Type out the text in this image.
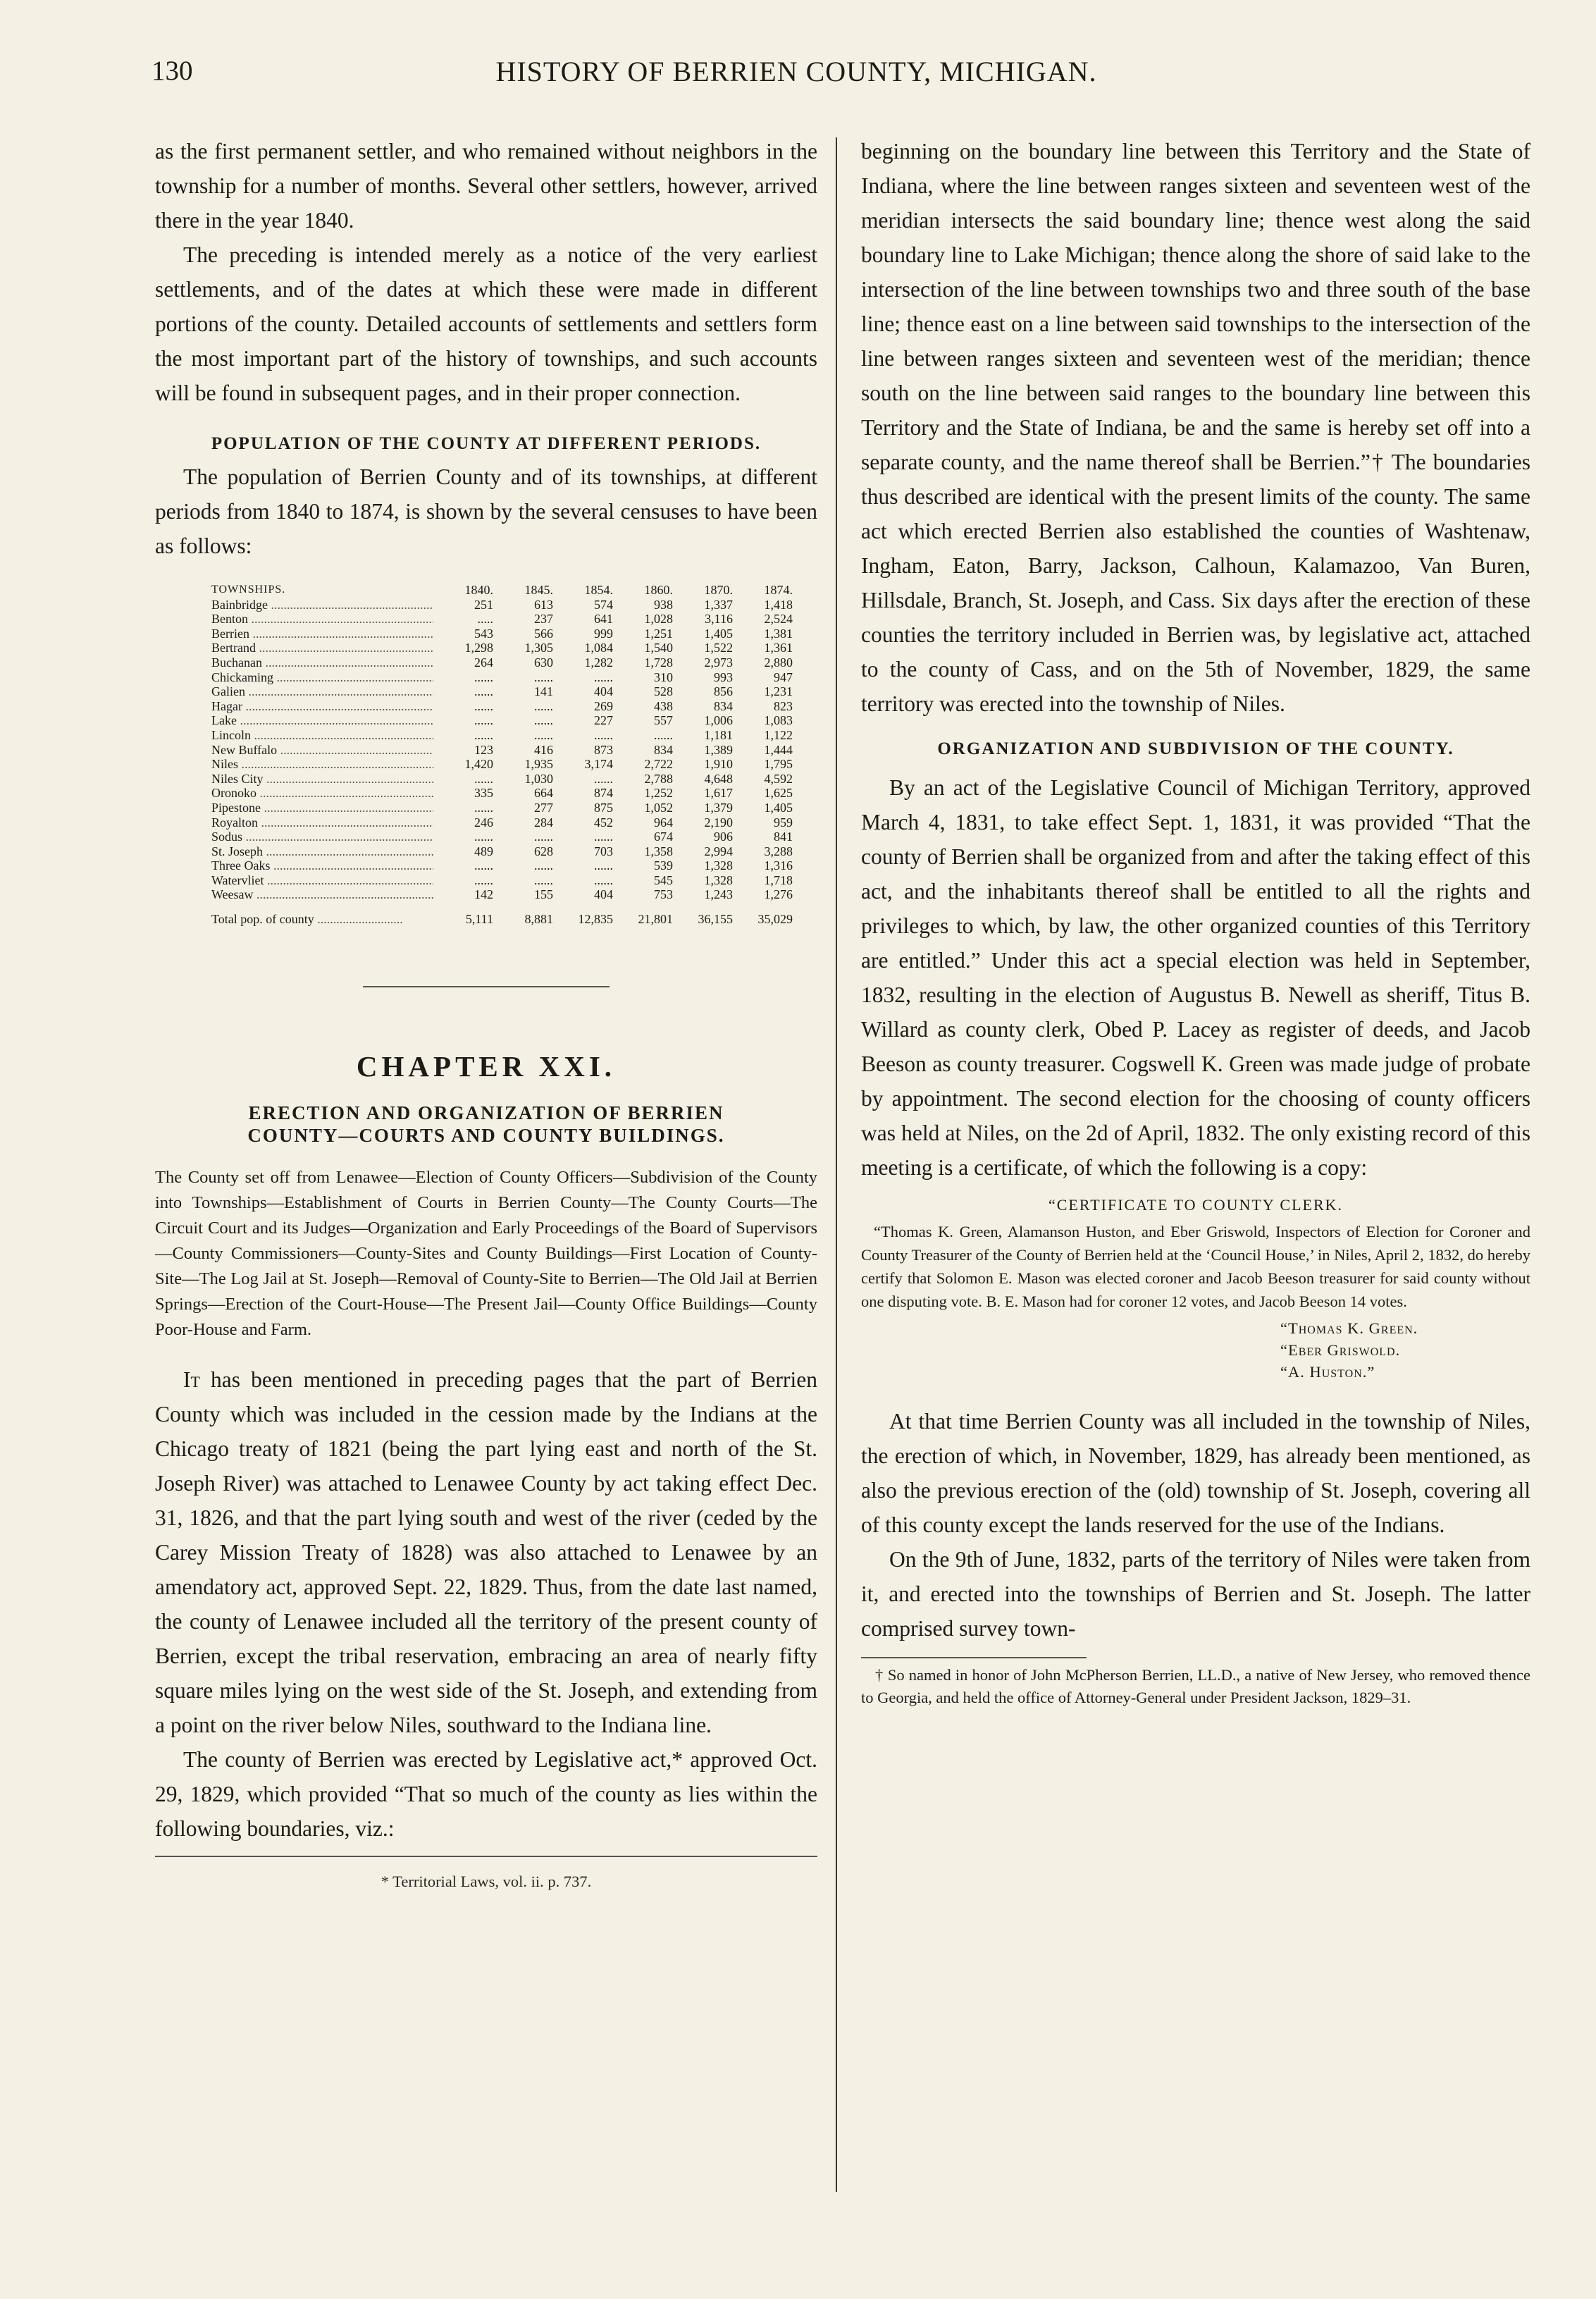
130	HISTORY OF BERRIEN COUNTY, MICHIGAN.

as the first permanent settler, and who remained without neighbors in the township for a number of months. Several other settlers, however, arrived there in the year 1840.

The preceding is intended merely as a notice of the very earliest settlements, and of the dates at which these were made in different portions of the county. Detailed accounts of settlements and settlers form the most important part of the history of townships, and such accounts will be found in subsequent pages, and in their proper connection.

POPULATION OF THE COUNTY AT DIFFERENT PERIODS.

The population of Berrien County and of its townships, at different periods from 1840 to 1874, is shown by the several censuses to have been as follows:

TOWNSHIPS.	1840.	1845.	1854.	1860.	1870.	1874.
Bainbridge .....	251	613	574	938	1,337	1,418
Benton .....	.....	237	641	1,028	3,116	2,524
Berrien .....	543	566	999	1,251	1,405	1,381
Bertrand .....	1,298	1,305	1,084	1,540	1,522	1,361
Buchanan .....	264	630	1,282	1,728	2,973	2,880
Chickaming .....	......	......	......	310	993	947
Galien .....	......	141	404	528	856	1,231
Hagar .....	......	......	269	438	834	823
Lake .....	......	......	227	557	1,006	1,083
Lincoln .....	......	......	......	......	1,181	1,122
New Buffalo .....	123	416	873	834	1,389	1,444
Niles .....	1,420	1,935	3,174	2,722	1,910	1,795
Niles City .....	......	1,030	......	2,788	4,648	4,592
Oronoko .....	335	664	874	1,252	1,617	1,625
Pipestone .....	......	277	875	1,052	1,379	1,405
Royalton .....	246	284	452	964	2,190	959
Sodus .....	......	......	......	674	906	841
St. Joseph .....	489	628	703	1,358	2,994	3,288
Three Oaks .....	......	......	......	539	1,328	1,316
Watervliet .....	......	......	......	545	1,328	1,718
Weesaw .....	142	155	404	753	1,243	1,276
Total pop. of county .....	5,111	8,881	12,835	21,801	36,155	35,029
CHAPTER XXI.
ERECTION AND ORGANIZATION OF BERRIEN
COUNTY—COURTS AND COUNTY BUILDINGS.

The County set off from Lenawee—Election of County Officers—Subdivision of the County into Townships—Establishment of Courts in Berrien County—The County Courts—The Circuit Court and its Judges—Organization and Early Proceedings of the Board of Supervisors—County Commissioners—County-Sites and County Buildings—First Location of County-Site—The Log Jail at St. Joseph—Removal of County-Site to Berrien—The Old Jail at Berrien Springs—Erection of the Court-House—The Present Jail—County Office Buildings—County Poor-House and Farm.

It has been mentioned in preceding pages that the part of Berrien County which was included in the cession made by the Indians at the Chicago treaty of 1821 (being the part lying east and north of the St. Joseph River) was attached to Lenawee County by act taking effect Dec. 31, 1826, and that the part lying south and west of the river (ceded by the Carey Mission Treaty of 1828) was also attached to Lenawee by an amendatory act, approved Sept. 22, 1829. Thus, from the date last named, the county of Lenawee included all the territory of the present county of Berrien, except the tribal reservation, embracing an area of nearly fifty square miles lying on the west side of the St. Joseph, and extending from a point on the river below Niles, southward to the Indiana line.

The county of Berrien was erected by Legislative act,* approved Oct. 29, 1829, which provided “That so much of the county as lies within the following boundaries, viz.:

* Territorial Laws, vol. ii. p. 737.

beginning on the boundary line between this Territory and the State of Indiana, where the line between ranges sixteen and seventeen west of the meridian intersects the said boundary line; thence west along the said boundary line to Lake Michigan; thence along the shore of said lake to the intersection of the line between townships two and three south of the base line; thence east on a line between said townships to the intersection of the line between ranges sixteen and seventeen west of the meridian; thence south on the line between said ranges to the boundary line between this Territory and the State of Indiana, be and the same is hereby set off into a separate county, and the name thereof shall be Berrien.”† The boundaries thus described are identical with the present limits of the county. The same act which erected Berrien also established the counties of Washtenaw, Ingham, Eaton, Barry, Jackson, Calhoun, Kalamazoo, Van Buren, Hillsdale, Branch, St. Joseph, and Cass. Six days after the erection of these counties the territory included in Berrien was, by legislative act, attached to the county of Cass, and on the 5th of November, 1829, the same territory was erected into the township of Niles.

ORGANIZATION AND SUBDIVISION OF THE COUNTY.

By an act of the Legislative Council of Michigan Territory, approved March 4, 1831, to take effect Sept. 1, 1831, it was provided “That the county of Berrien shall be organized from and after the taking effect of this act, and the inhabitants thereof shall be entitled to all the rights and privileges to which, by law, the other organized counties of this Territory are entitled.” Under this act a special election was held in September, 1832, resulting in the election of Augustus B. Newell as sheriff, Titus B. Willard as county clerk, Obed P. Lacey as register of deeds, and Jacob Beeson as county treasurer. Cogswell K. Green was made judge of probate by appointment. The second election for the choosing of county officers was held at Niles, on the 2d of April, 1832. The only existing record of this meeting is a certificate, of which the following is a copy:

“CERTIFICATE TO COUNTY CLERK.

“Thomas K. Green, Alamanson Huston, and Eber Griswold, Inspectors of Election for Coroner and County Treasurer of the County of Berrien held at the ‘Council House,’ in Niles, April 2, 1832, do hereby certify that Solomon E. Mason was elected coroner and Jacob Beeson treasurer for said county without one disputing vote. B. E. Mason had for coroner 12 votes, and Jacob Beeson 14 votes.

“Thomas K. Green.

“Eber Griswold.

“A. Huston.”

At that time Berrien County was all included in the township of Niles, the erection of which, in November, 1829, has already been mentioned, as also the previous erection of the (old) township of St. Joseph, covering all of this county except the lands reserved for the use of the Indians.

On the 9th of June, 1832, parts of the territory of Niles were taken from it, and erected into the townships of Berrien and St. Joseph. The latter comprised survey town-

† So named in honor of John McPherson Berrien, LL.D., a native of New Jersey, who removed thence to Georgia, and held the office of Attorney-General under President Jackson, 1829–31.
